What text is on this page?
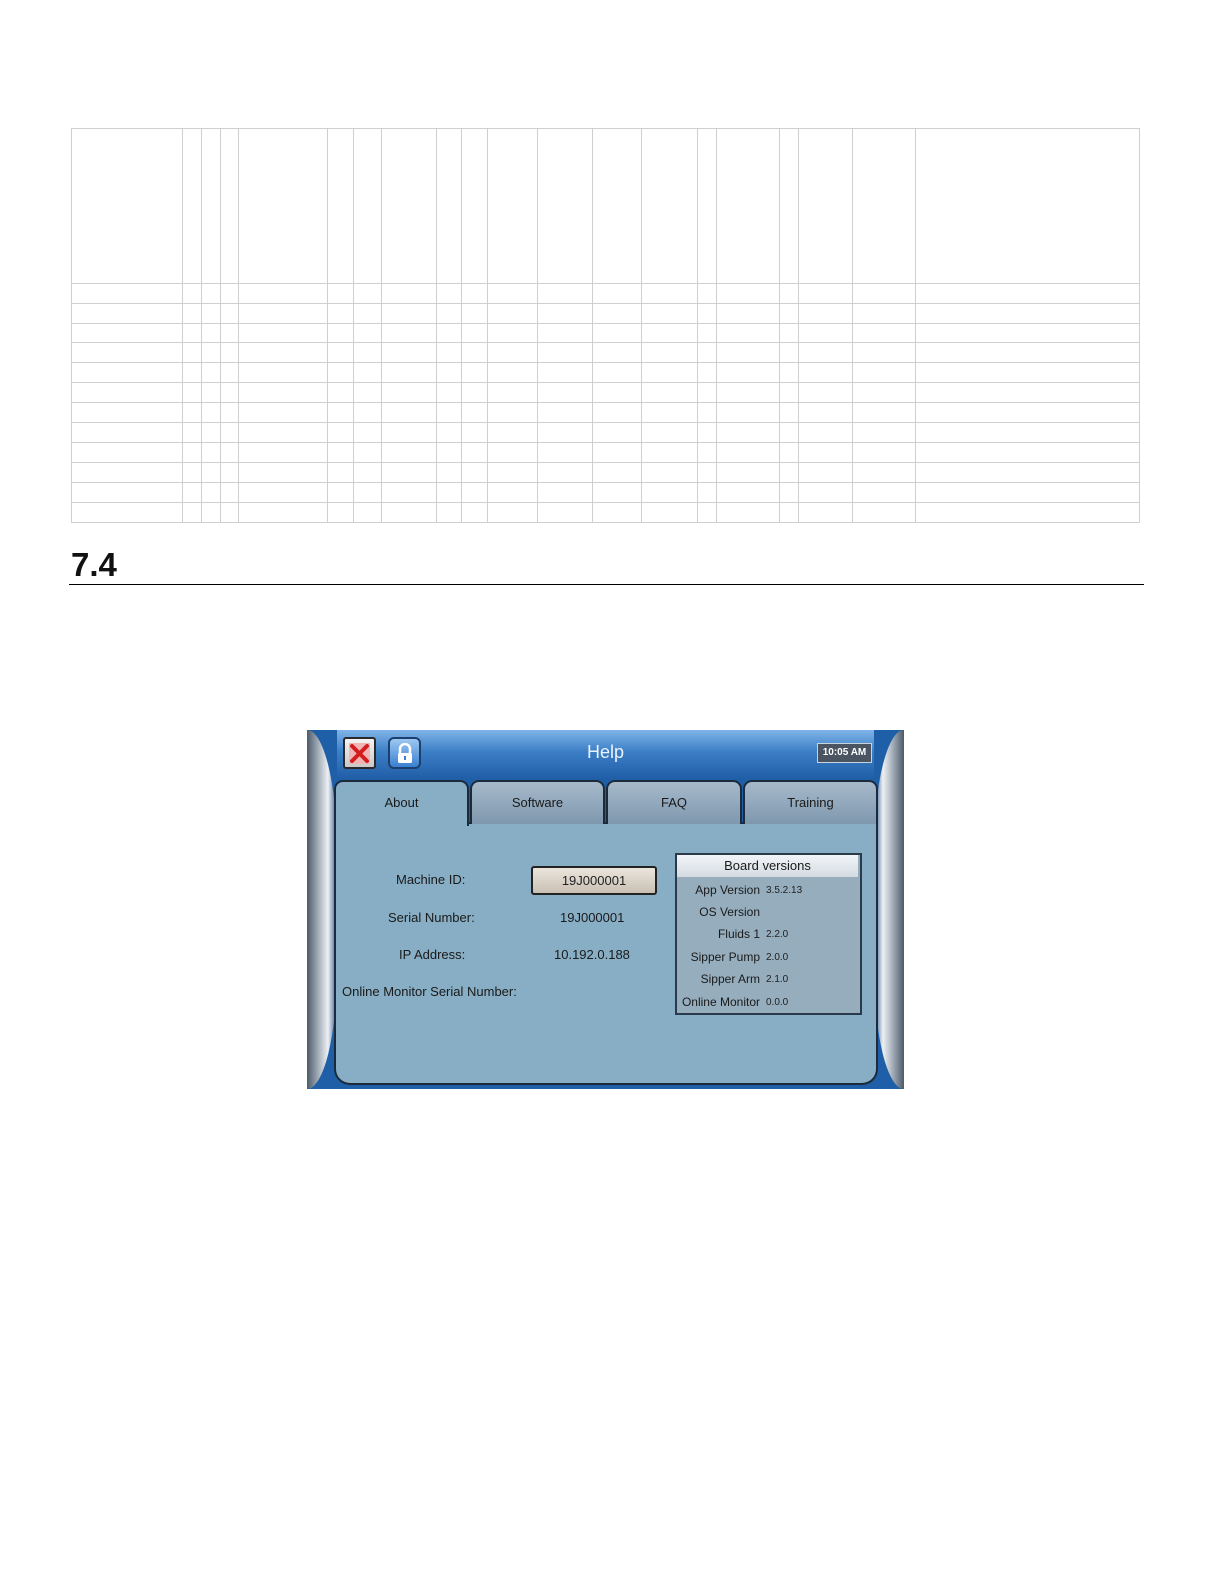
7.4
Help	10:05 AM
About	Software	FAQ	Training
Machine ID:	19J000001
Serial Number:	19J000001
IP Address:	10.192.0.188
Online Monitor Serial Number:
Board versions
App Version 3.5.2.13
OS Version
Fluids 1 2.2.0
Sipper Pump 2.0.0
Sipper Arm 2.1.0
Online Monitor 0.0.0
